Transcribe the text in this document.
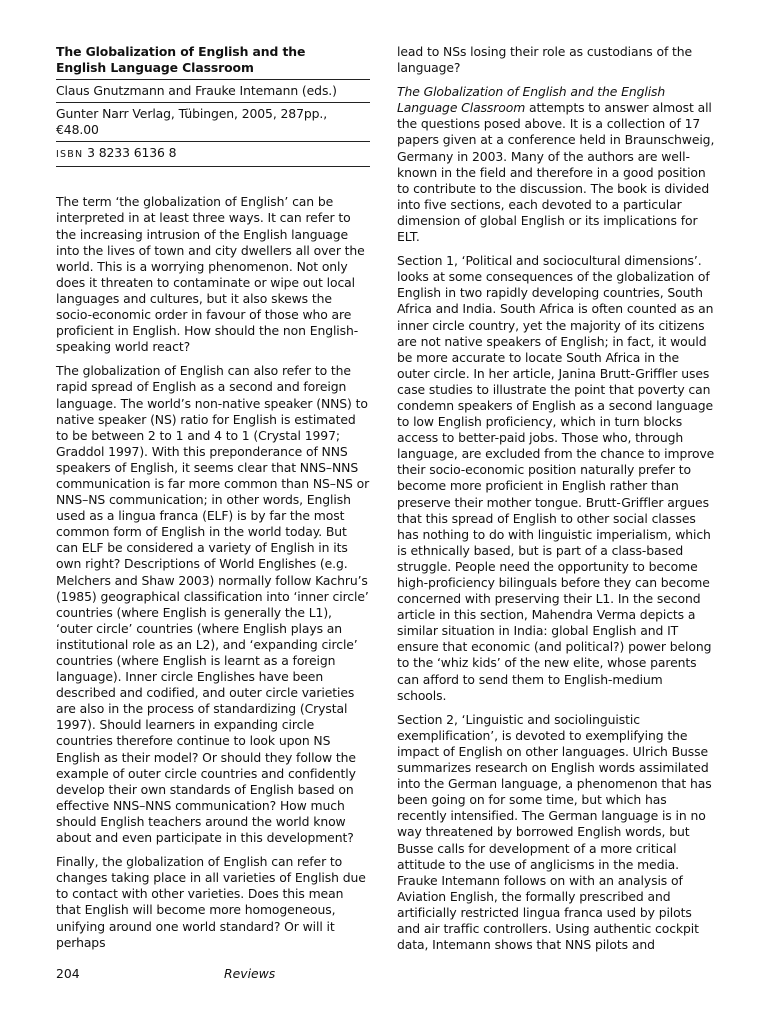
The Globalization of English and the
English Language Classroom
Claus Gnutzmann and Frauke Intemann (eds.)
Gunter Narr Verlag, Tübingen, 2005, 287pp., €48.00
ISBN 3 8233 6136 8

The term ‘the globalization of English’ can be interpreted in at least three ways. It can refer to the increasing intrusion of the English language into the lives of town and city dwellers all over the world. This is a worrying phenomenon. Not only does it threaten to contaminate or wipe out local languages and cultures, but it also skews the socio-economic order in favour of those who are proficient in English. How should the non English-speaking world react?

The globalization of English can also refer to the rapid spread of English as a second and foreign language. The world’s non-native speaker (NNS) to native speaker (NS) ratio for English is estimated to be between 2 to 1 and 4 to 1 (Crystal 1997; Graddol 1997). With this preponderance of NNS speakers of English, it seems clear that NNS–NNS communication is far more common than NS–NS or NNS–NS communication; in other words, English used as a lingua franca (ELF) is by far the most common form of English in the world today. But can ELF be considered a variety of English in its own right? Descriptions of World Englishes (e.g. Melchers and Shaw 2003) normally follow Kachru’s (1985) geographical classification into ‘inner circle’ countries (where English is generally the L1), ‘outer circle’ countries (where English plays an institutional role as an L2), and ‘expanding circle’ countries (where English is learnt as a foreign language). Inner circle Englishes have been described and codified, and outer circle varieties are also in the process of standardizing (Crystal 1997). Should learners in expanding circle countries therefore continue to look upon NS English as their model? Or should they follow the example of outer circle countries and confidently develop their own standards of English based on effective NNS–NNS communication? How much should English teachers around the world know about and even participate in this development?

Finally, the globalization of English can refer to changes taking place in all varieties of English due to contact with other varieties. Does this mean that English will become more homogeneous, unifying around one world standard? Or will it perhaps

lead to NSs losing their role as custodians of the language?

The Globalization of English and the English Language Classroom attempts to answer almost all the questions posed above. It is a collection of 17 papers given at a conference held in Braunschweig, Germany in 2003. Many of the authors are well-known in the field and therefore in a good position to contribute to the discussion. The book is divided into five sections, each devoted to a particular dimension of global English or its implications for ELT.

Section 1, ‘Political and sociocultural dimensions’. looks at some consequences of the globalization of English in two rapidly developing countries, South Africa and India. South Africa is often counted as an inner circle country, yet the majority of its citizens are not native speakers of English; in fact, it would be more accurate to locate South Africa in the outer circle. In her article, Janina Brutt-Griffler uses case studies to illustrate the point that poverty can condemn speakers of English as a second language to low English proficiency, which in turn blocks access to better-paid jobs. Those who, through language, are excluded from the chance to improve their socio-economic position naturally prefer to become more proficient in English rather than preserve their mother tongue. Brutt-Griffler argues that this spread of English to other social classes has nothing to do with linguistic imperialism, which is ethnically based, but is part of a class-based struggle. People need the opportunity to become high-proficiency bilinguals before they can become concerned with preserving their L1. In the second article in this section, Mahendra Verma depicts a similar situation in India: global English and IT ensure that economic (and political?) power belong to the ‘whiz kids’ of the new elite, whose parents can afford to send them to English-medium schools.

Section 2, ‘Linguistic and sociolinguistic exemplification’, is devoted to exemplifying the impact of English on other languages. Ulrich Busse summarizes research on English words assimilated into the German language, a phenomenon that has been going on for some time, but which has recently intensified. The German language is in no way threatened by borrowed English words, but Busse calls for development of a more critical attitude to the use of anglicisms in the media. Frauke Intemann follows on with an analysis of Aviation English, the formally prescribed and artificially restricted lingua franca used by pilots and air traffic controllers. Using authentic cockpit data, Intemann shows that NNS pilots and

204	Reviews
